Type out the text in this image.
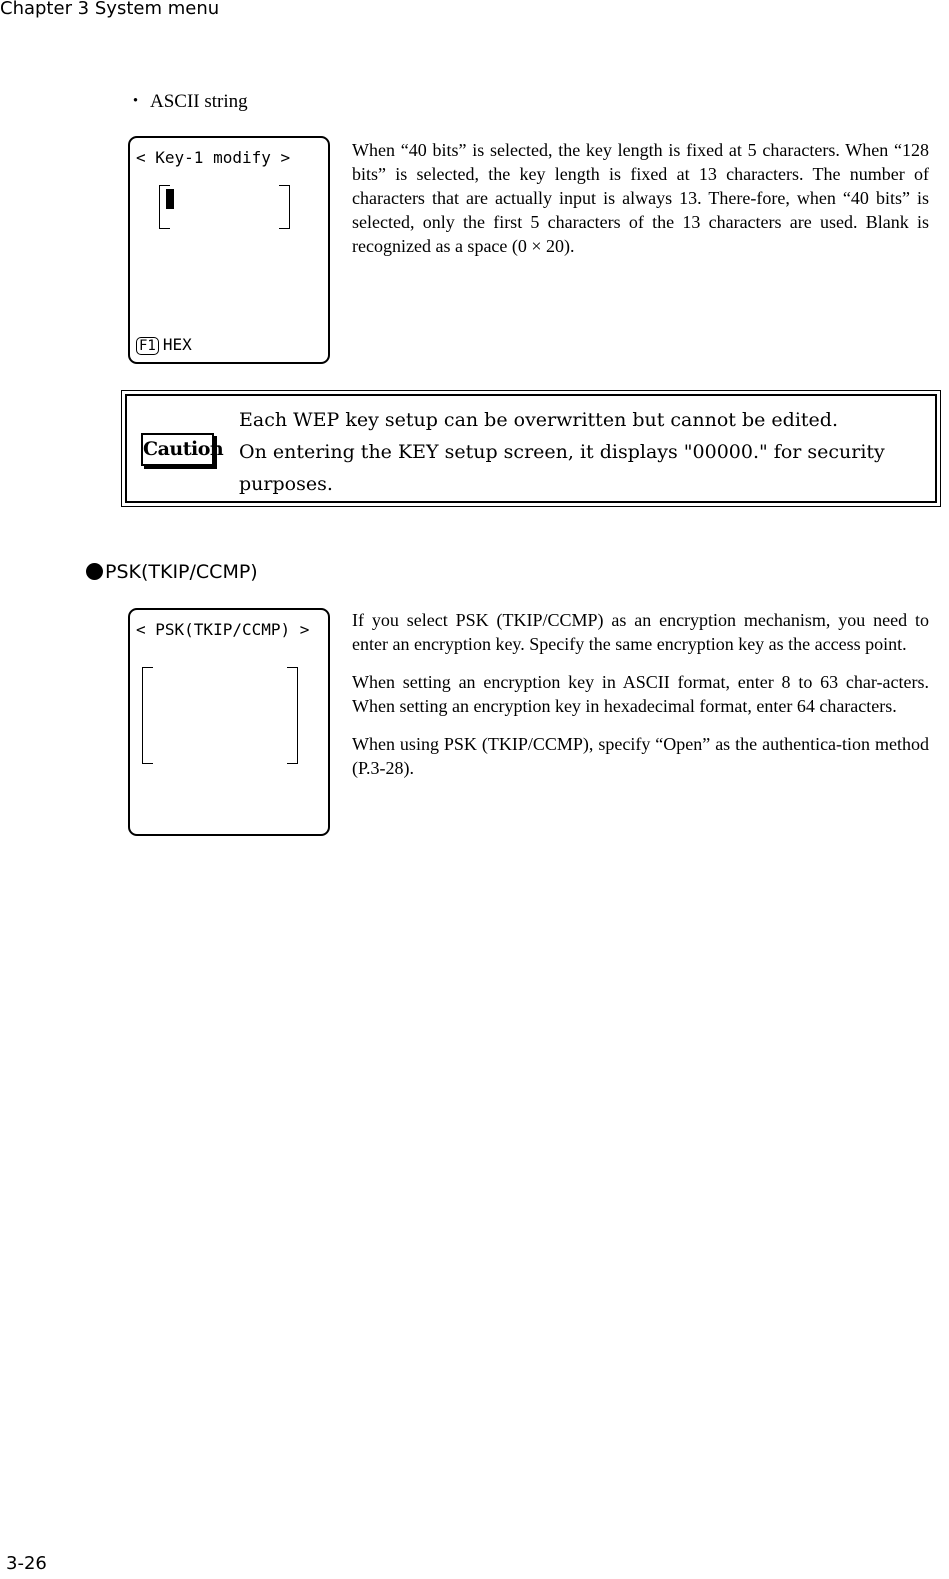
Chapter 3 System menu
・ ASCII string
< Key-1 modify >
F1 HEX

When “40 bits” is selected, the key length is fixed at 5 characters. When “128 bits” is selected, the key length is fixed at 13 characters. The number of characters that are actually input is always 13. There-fore, when “40 bits” is selected, only the first 5 characters of the 13 characters are used. Blank is recognized as a space (0 × 20).

Caution

Each WEP key setup can be overwritten but cannot be edited.

On entering the KEY setup screen, it displays "00000." for security purposes.

PSK(TKIP/CCMP)
< PSK(TKIP/CCMP) > If you select PSK (TKIP/CCMP) as an encryption mechanism, you need to enter an encryption key. Specify the same encryption key as the access point.

When setting an encryption key in ASCII format, enter 8 to 63 char-acters. When setting an encryption key in hexadecimal format, enter 64 characters.

When using PSK (TKIP/CCMP), specify “Open” as the authentica-tion method (P.3-28).

3-26
